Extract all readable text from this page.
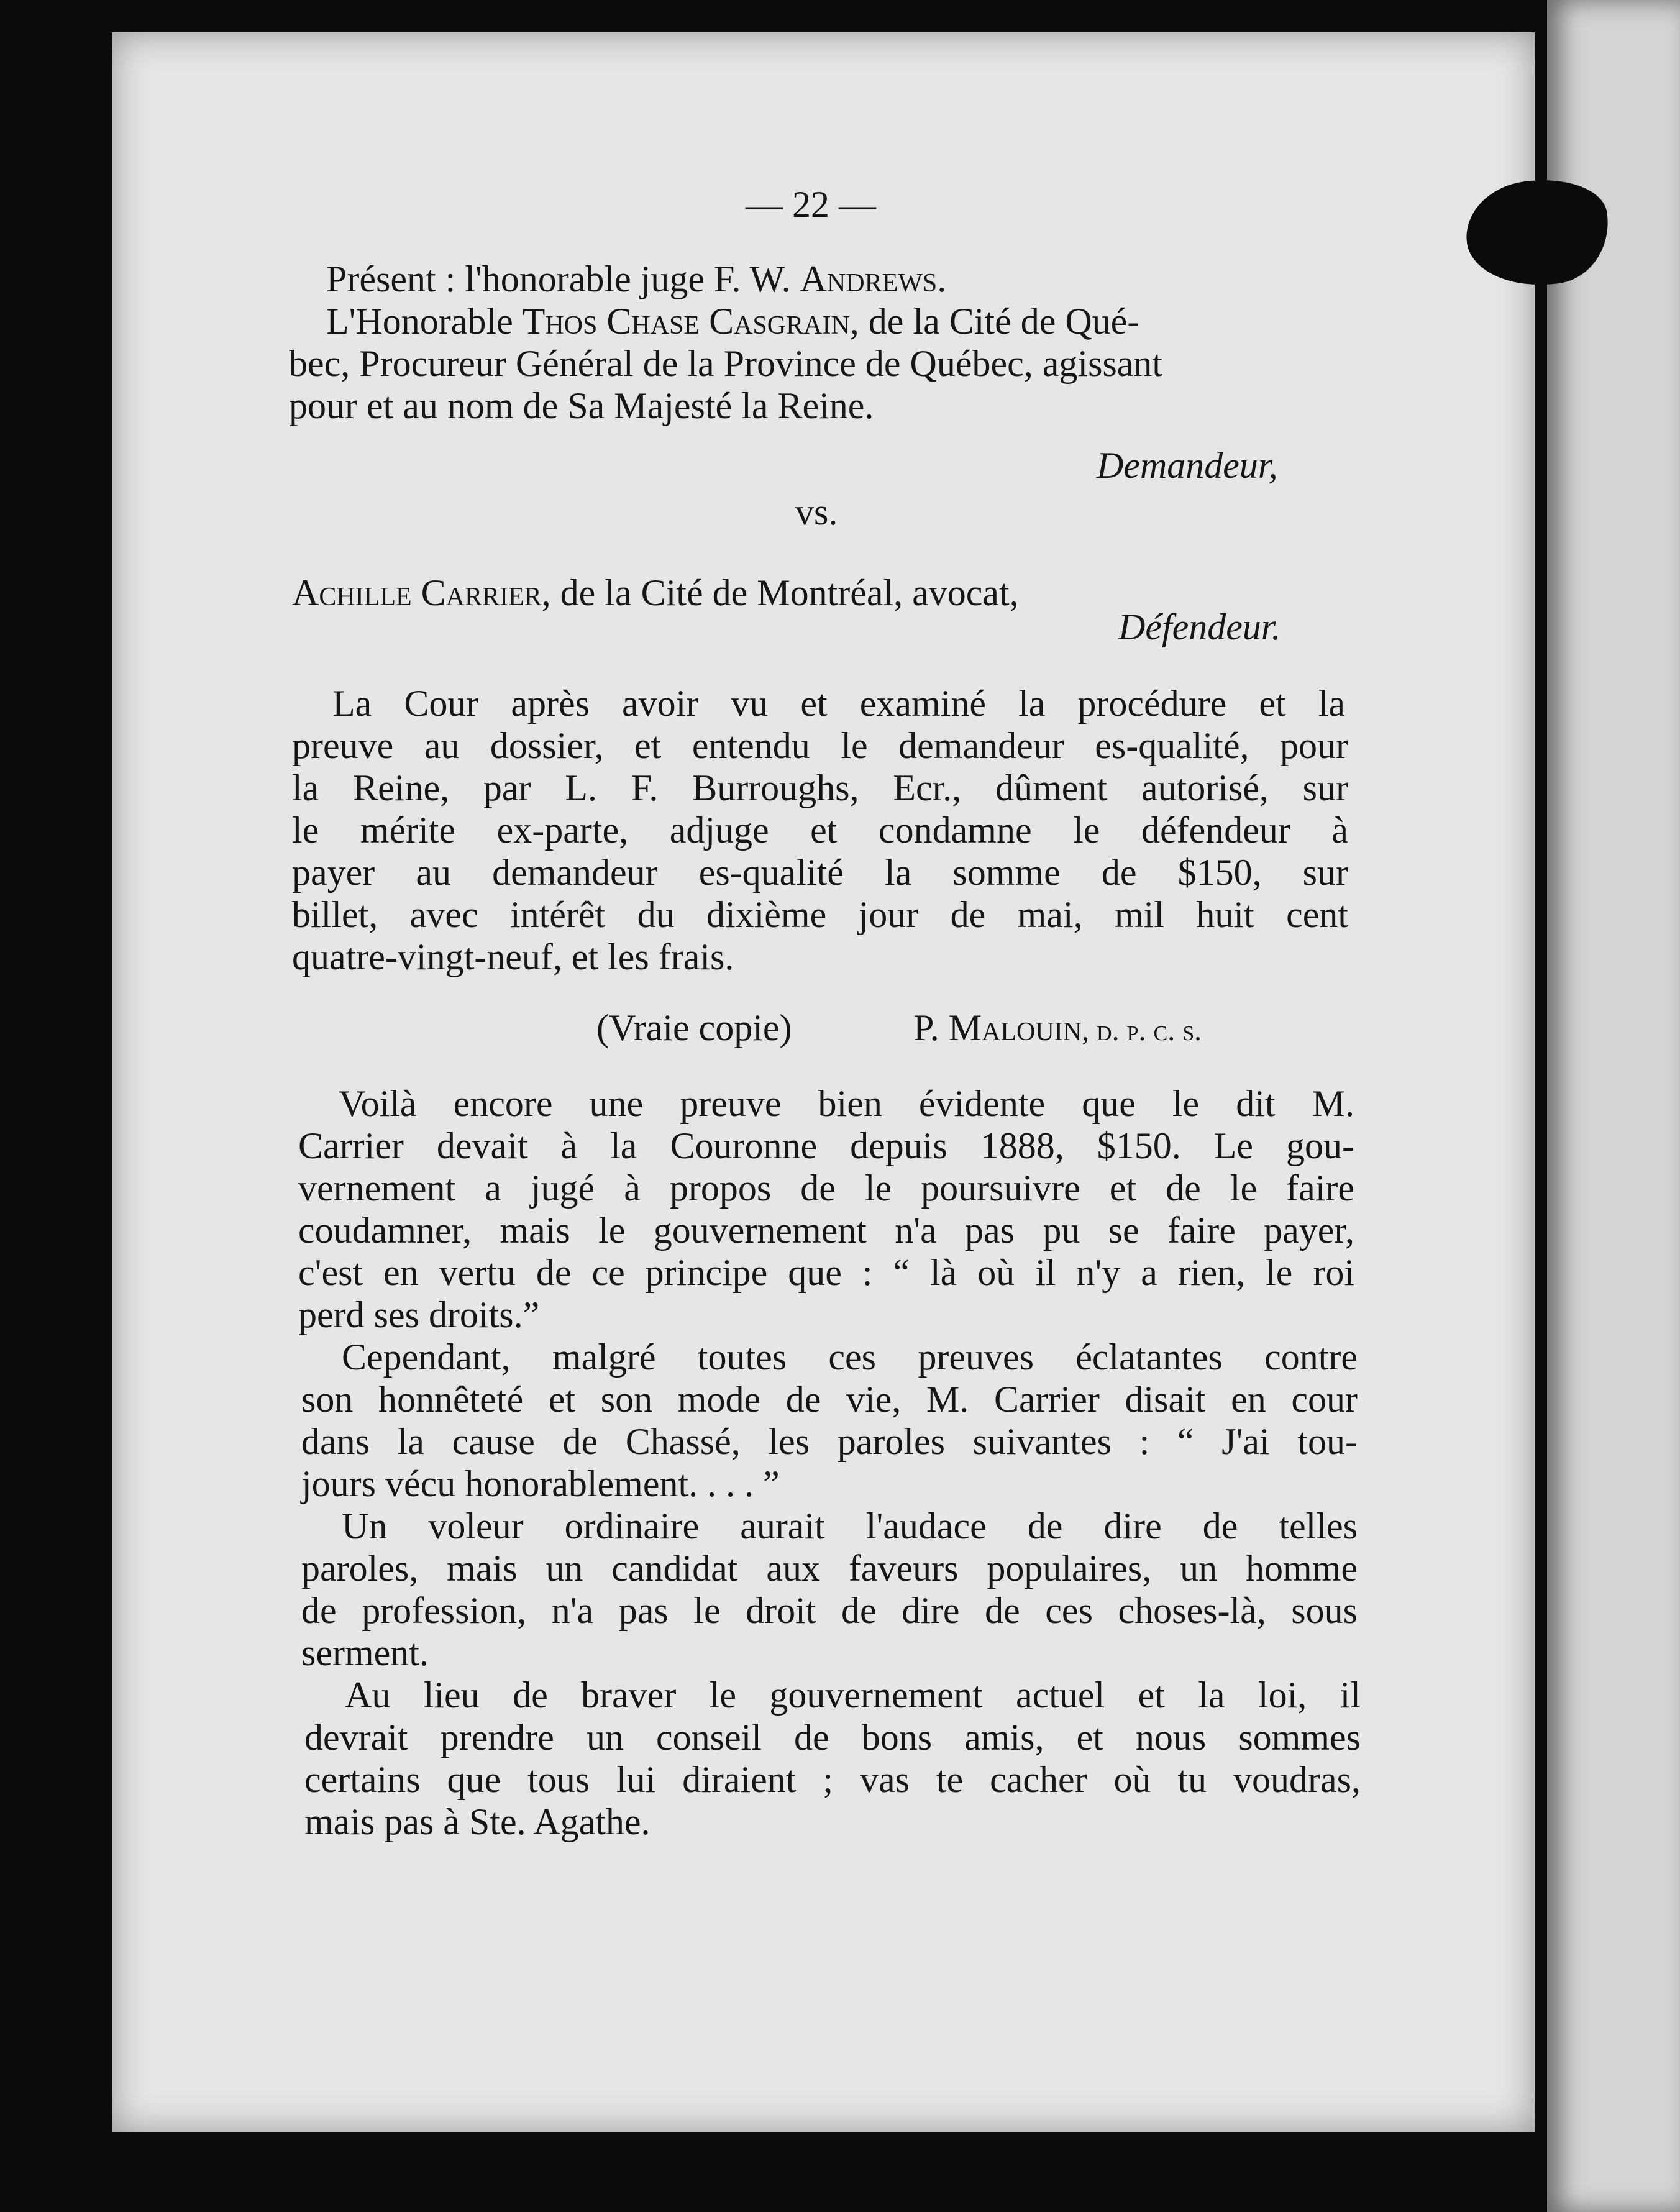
— 22 —
Présent : l'honorable juge F. W. Andrews.
L'Honorable Thos Chase Casgrain, de la Cité de Qué-
bec, Procureur Général de la Province de Québec, agissant
pour et au nom de Sa Majesté la Reine.
Demandeur,
vs.
Achille Carrier, de la Cité de Montréal, avocat,
Défendeur.
La Cour après avoir vu et examiné la procédure et la
preuve au dossier, et entendu le demandeur es-qualité, pour
la Reine, par L. F. Burroughs, Ecr., dûment autorisé, sur
le mérite ex-parte, adjuge et condamne le défendeur à
payer au demandeur es-qualité la somme de $150, sur
billet, avec intérêt du dixième jour de mai, mil huit cent
quatre-vingt-neuf, et les frais.
(Vraie copie)	P. Malouin, d. p. c. s.
Voilà encore une preuve bien évidente que le dit M.
Carrier devait à la Couronne depuis 1888, $150. Le gou-
vernement a jugé à propos de le poursuivre et de le faire
coudamner, mais le gouvernement n'a pas pu se faire payer,
c'est en vertu de ce principe que : “ là où il n'y a rien, le roi
perd ses droits.”
Cependant, malgré toutes ces preuves éclatantes contre
son honnêteté et son mode de vie, M. Carrier disait en cour
dans la cause de Chassé, les paroles suivantes : “ J'ai tou-
jours vécu honorablement. . . . ”
Un voleur ordinaire aurait l'audace de dire de telles
paroles, mais un candidat aux faveurs populaires, un homme
de profession, n'a pas le droit de dire de ces choses-là, sous
serment.
Au lieu de braver le gouvernement actuel et la loi, il
devrait prendre un conseil de bons amis, et nous sommes
certains que tous lui diraient ; vas te cacher où tu voudras,
mais pas à Ste. Agathe.
